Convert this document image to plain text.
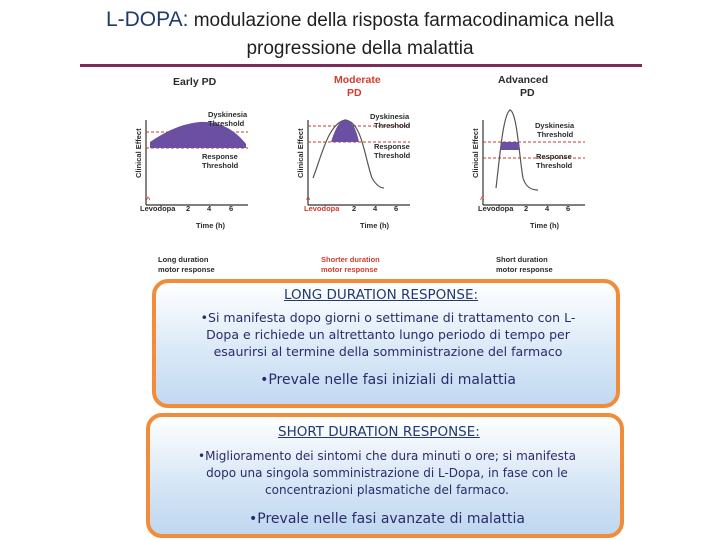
L-DOPA: modulazione della risposta farmacodinamica nella
progressione della malattia
Early PD
Clinical Effect
Dyskinesia
Threshold
Response
Threshold
2 4 6
^
Levodopa
Time (h)
Long duration
motor response
Moderate
PD
Clinical Effect
Dyskinesia
Threshold
Response
Threshold
2 4 6
^
Levodopa
Time (h)
Shorter duration
motor response
Advanced
PD
Clinical Effect
Dyskinesia
Threshold
Response
Threshold
2 4 6
^
Levodopa
Time (h)
Short duration
motor response
LONG DURATION RESPONSE:
•Si manifesta dopo giorni o settimane di trattamento con L-
Dopa e richiede un altrettanto lungo periodo di tempo per
esaurirsi al termine della somministrazione del farmaco
•Prevale nelle fasi iniziali di malattia
SHORT DURATION RESPONSE:
•Miglioramento dei sintomi che dura minuti o ore; si manifesta
dopo una singola somministrazione di L-Dopa, in fase con le
concentrazioni plasmatiche del farmaco.
•Prevale nelle fasi avanzate di malattia
